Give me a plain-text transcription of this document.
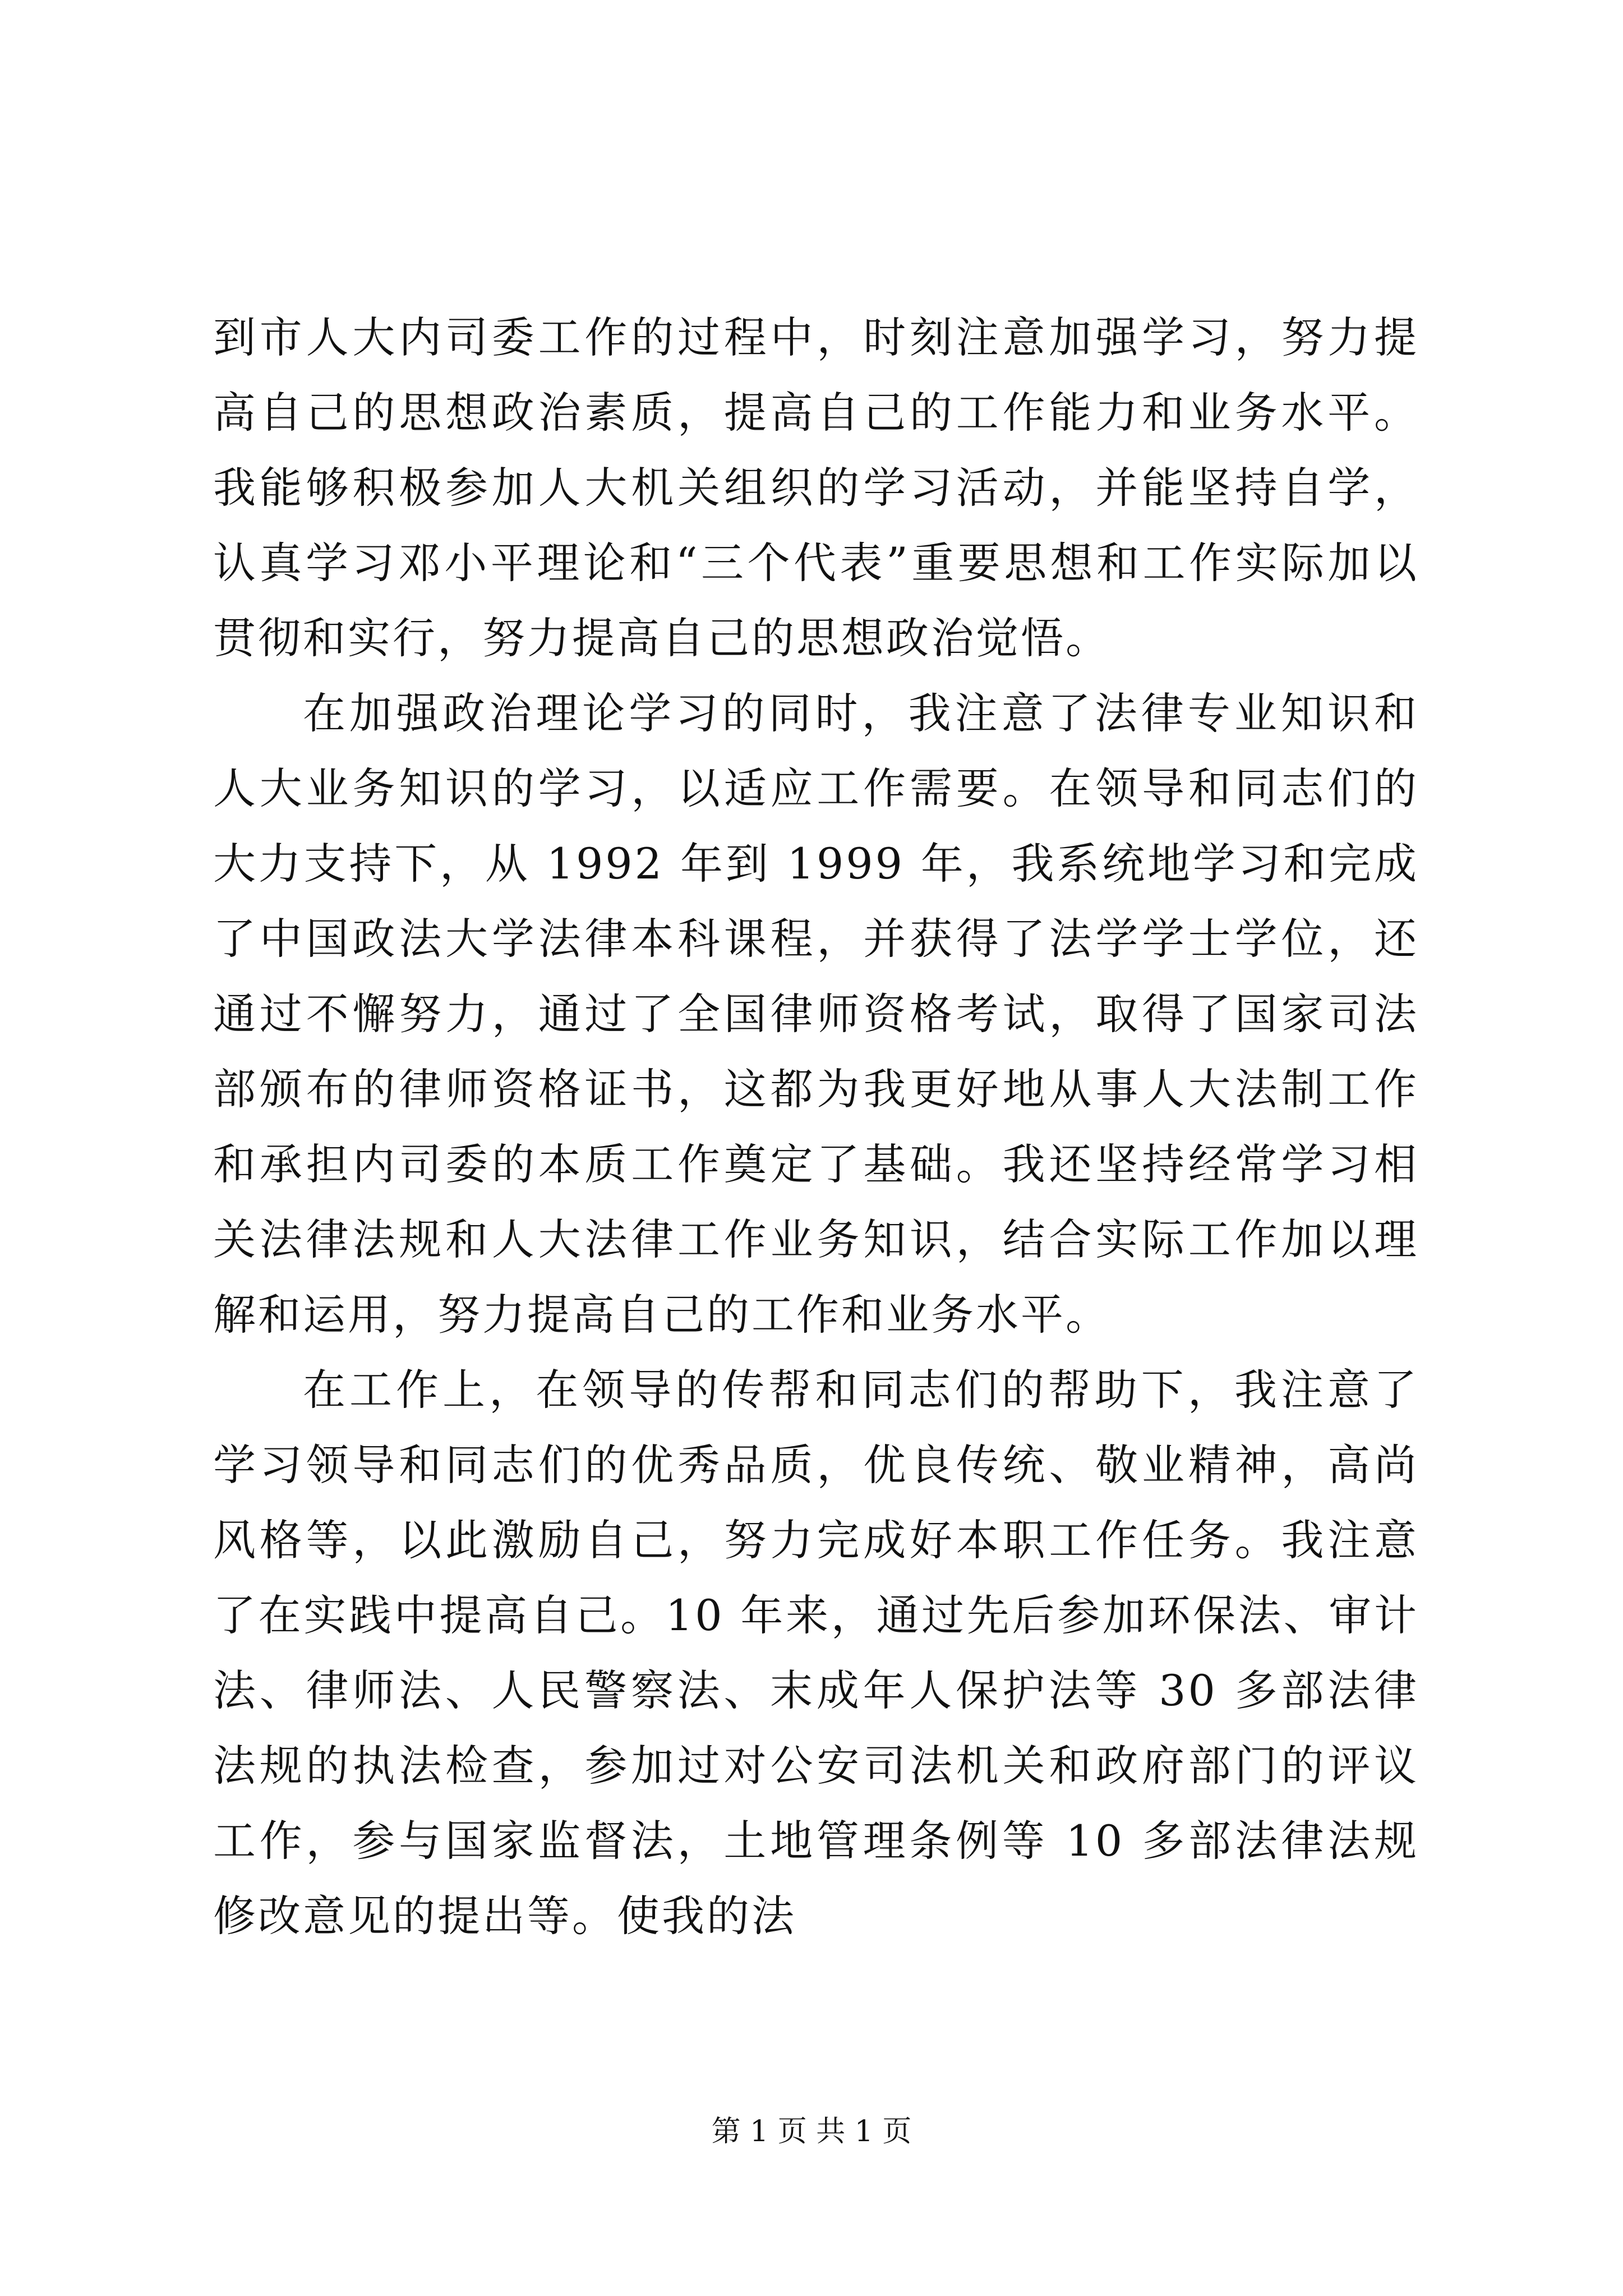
到市人大内司委工作的过程中，时刻注意加强学习，努力提高自己的思想政治素质，提高自己的工作能力和业务水平。我能够积极参加人大机关组织的学习活动，并能坚持自学，认真学习邓小平理论和“三个代表”重要思想和工作实际加以贯彻和实行，努力提高自己的思想政治觉悟。

在加强政治理论学习的同时，我注意了法律专业知识和人大业务知识的学习，以适应工作需要。在领导和同志们的大力支持下，从 1992 年到 1999 年，我系统地学习和完成了中国政法大学法律本科课程，并获得了法学学士学位，还通过不懈努力，通过了全国律师资格考试，取得了国家司法部颁布的律师资格证书，这都为我更好地从事人大法制工作和承担内司委的本质工作奠定了基础。我还坚持经常学习相关法律法规和人大法律工作业务知识，结合实际工作加以理解和运用，努力提高自己的工作和业务水平。

在工作上，在领导的传帮和同志们的帮助下，我注意了学习领导和同志们的优秀品质，优良传统、敬业精神，高尚风格等，以此激励自己，努力完成好本职工作任务。我注意了在实践中提高自己。10 年来，通过先后参加环保法、审计法、律师法、人民警察法、末成年人保护法等 30 多部法律法规的执法检查，参加过对公安司法机关和政府部门的评议工作，参与国家监督法，土地管理条例等 10 多部法律法规修改意见的提出等。使我的法

第 1 页 共 1 页
